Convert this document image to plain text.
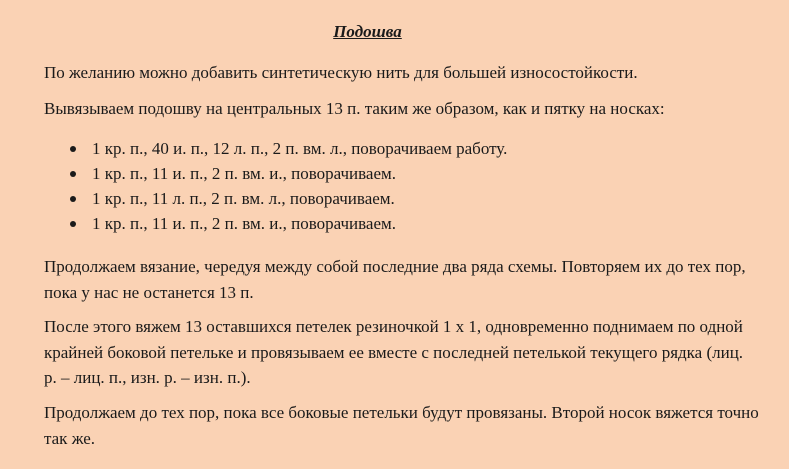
Подошва

По желанию можно добавить синтетическую нить для большей износостойкости.

Вывязываем подошву на центральных 13 п. таким же образом, как и пятку на носках:

1 кр. п., 40 и. п., 12 л. п., 2 п. вм. л., поворачиваем работу.
1 кр. п., 11 и. п., 2 п. вм. и., поворачиваем.
1 кр. п., 11 л. п., 2 п. вм. л., поворачиваем.
1 кр. п., 11 и. п., 2 п. вм. и., поворачиваем.

Продолжаем вязание, чередуя между собой последние два ряда схемы. Повторяем их до тех пор, пока у нас не останется 13 п.

После этого вяжем 13 оставшихся петелек резиночкой 1 х 1, одновременно поднимаем по одной крайней боковой петельке и провязываем ее вместе с последней петелькой текущего рядка (лиц. р. – лиц. п., изн. р. – изн. п.).

Продолжаем до тех пор, пока все боковые петельки будут провязаны. Второй носок вяжется точно так же.
